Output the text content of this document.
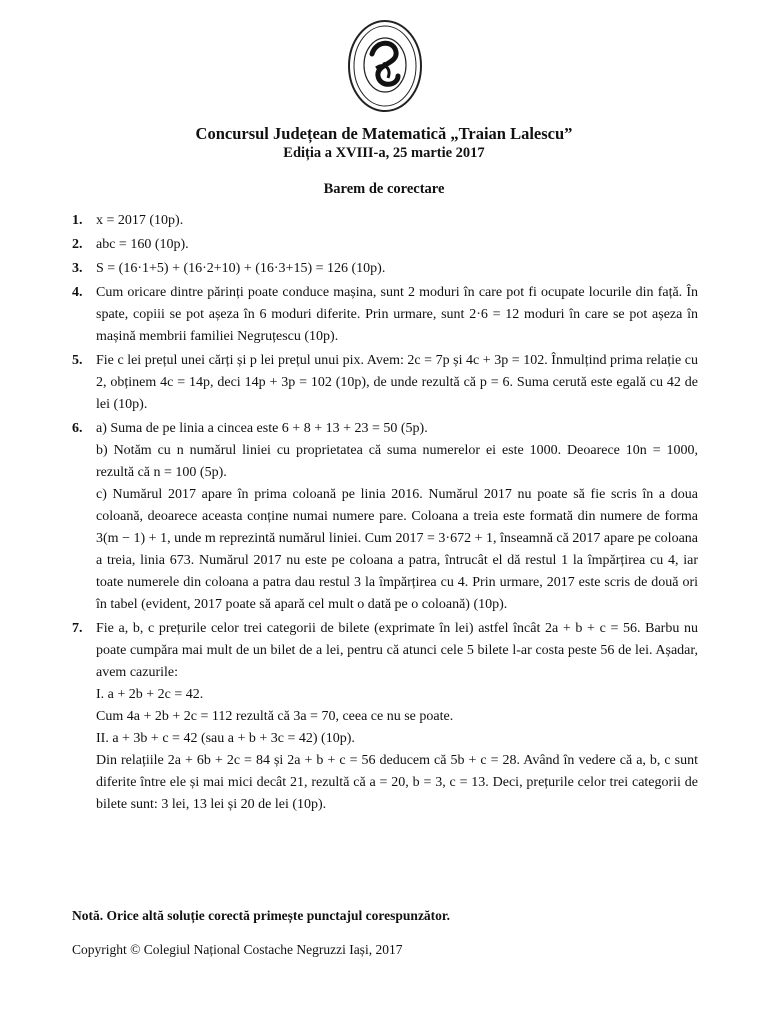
Concursul Județean de Matematică „Traian Lalescu”
Ediția a XVIII-a, 25 martie 2017
Barem de corectare
1. x = 2017 (10p).

2. abc = 160 (10p).

3. S = (16·1+5) + (16·2+10) + (16·3+15) = 126 (10p).

4. Cum oricare dintre părinți poate conduce mașina, sunt 2 moduri în care pot fi ocupate locurile din față. În spate, copiii se pot așeza în 6 moduri diferite. Prin urmare, sunt 2·6 = 12 moduri în care se pot așeza în mașină membrii familiei Negruțescu (10p).

5. Fie c lei prețul unei cărți și p lei prețul unui pix. Avem: 2c = 7p și 4c + 3p = 102. Înmulțind prima relație cu 2, obținem 4c = 14p, deci 14p + 3p = 102 (10p), de unde rezultă că p = 6. Suma cerută este egală cu 42 de lei (10p).

6. a) Suma de pe linia a cincea este 6 + 8 + 13 + 23 = 50 (5p).

b) Notăm cu n numărul liniei cu proprietatea că suma numerelor ei este 1000. Deoarece 10n = 1000, rezultă că n = 100 (5p).

c) Numărul 2017 apare în prima coloană pe linia 2016. Numărul 2017 nu poate să fie scris în a doua coloană, deoarece aceasta conține numai numere pare. Coloana a treia este formată din numere de forma 3(m − 1) + 1, unde m reprezintă numărul liniei. Cum 2017 = 3·672 + 1, înseamnă că 2017 apare pe coloana a treia, linia 673. Numărul 2017 nu este pe coloana a patra, întrucât el dă restul 1 la împărțirea cu 4, iar toate numerele din coloana a patra dau restul 3 la împărțirea cu 4. Prin urmare, 2017 este scris de două ori în tabel (evident, 2017 poate să apară cel mult o dată pe o coloană) (10p).

7. Fie a, b, c prețurile celor trei categorii de bilete (exprimate în lei) astfel încât 2a + b + c = 56. Barbu nu poate cumpăra mai mult de un bilet de a lei, pentru că atunci cele 5 bilete l-ar costa peste 56 de lei. Așadar, avem cazurile:

I. a + 2b + 2c = 42.

Cum 4a + 2b + 2c = 112 rezultă că 3a = 70, ceea ce nu se poate.

II. a + 3b + c = 42 (sau a + b + 3c = 42) (10p).

Din relațiile 2a + 6b + 2c = 84 și 2a + b + c = 56 deducem că 5b + c = 28. Având în vedere că a, b, c sunt diferite între ele și mai mici decât 21, rezultă că a = 20, b = 3, c = 13. Deci, prețurile celor trei categorii de bilete sunt: 3 lei, 13 lei și 20 de lei (10p).

Notă. Orice altă soluție corectă primește punctajul corespunzător.
Copyright © Colegiul Național Costache Negruzzi Iași, 2017
